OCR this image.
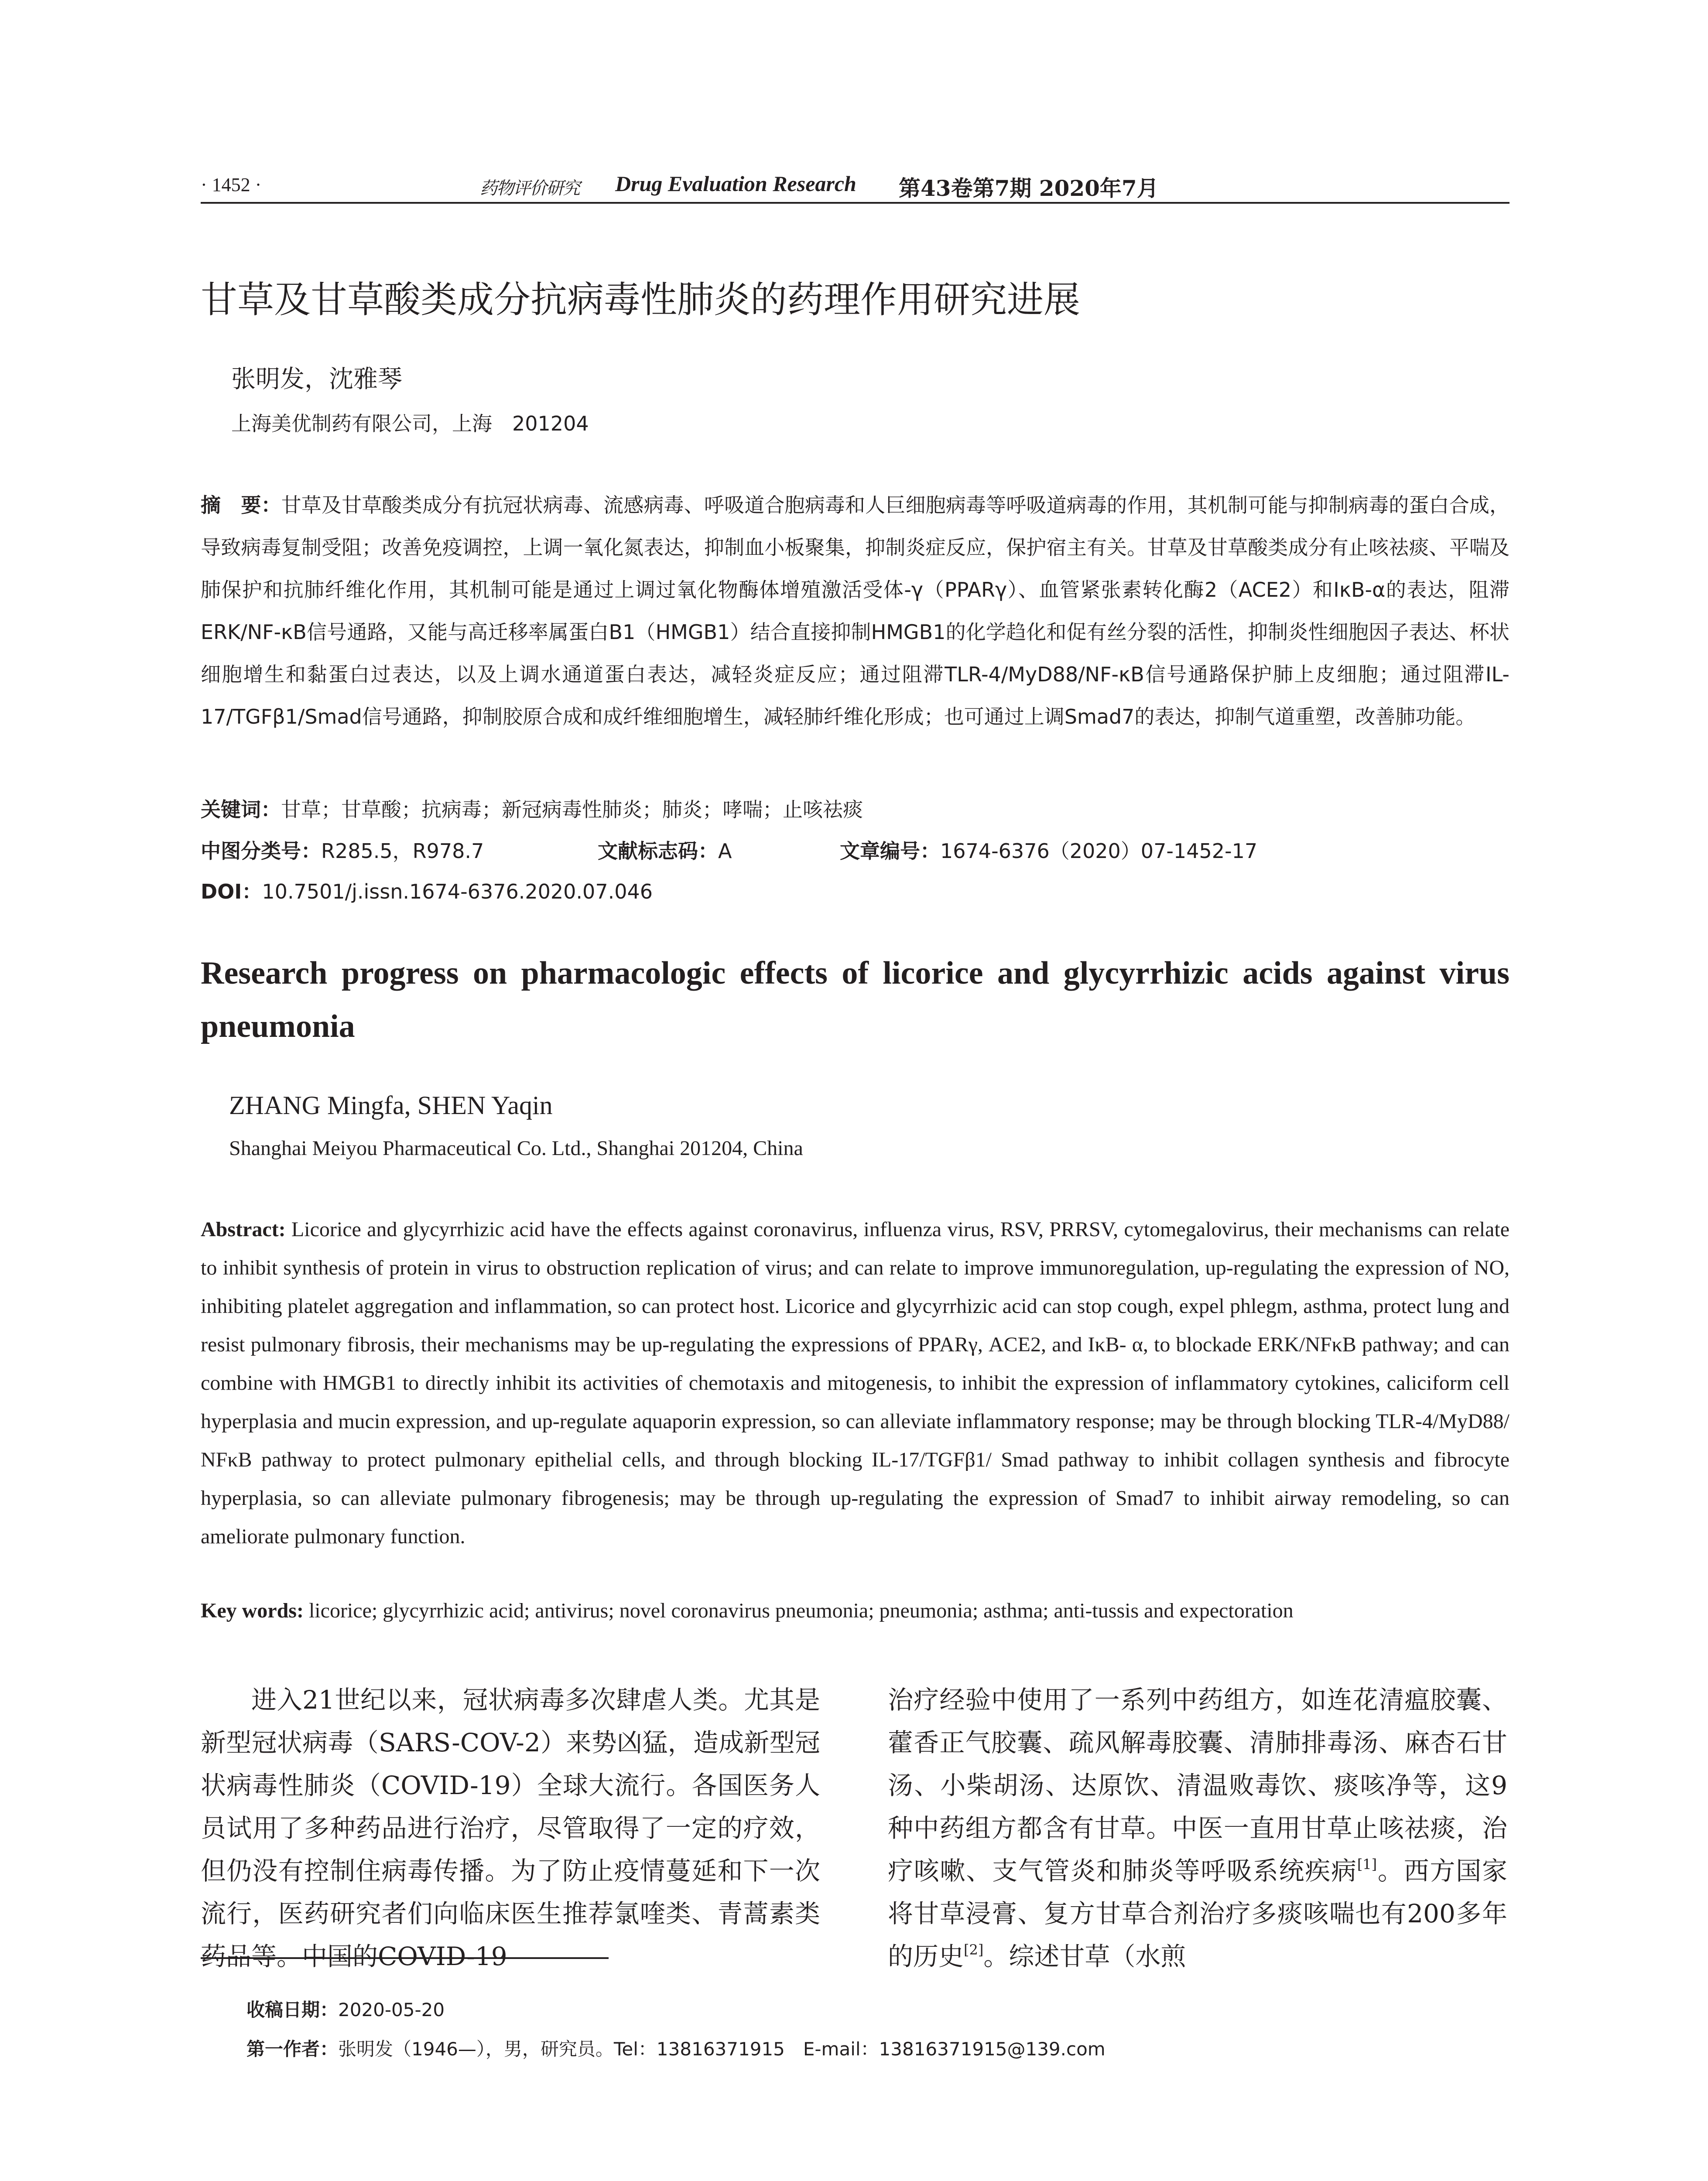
· 1452 ·	药物评价研究 Drug Evaluation Research 第43卷第7期 2020年7月
甘草及甘草酸类成分抗病毒性肺炎的药理作用研究进展
张明发，沈雅琴
上海美优制药有限公司，上海　201204
摘　要：甘草及甘草酸类成分有抗冠状病毒、流感病毒、呼吸道合胞病毒和人巨细胞病毒等呼吸道病毒的作用，其机制可能与抑制病毒的蛋白合成，导致病毒复制受阻；改善免疫调控，上调一氧化氮表达，抑制血小板聚集，抑制炎症反应，保护宿主有关。甘草及甘草酸类成分有止咳祛痰、平喘及肺保护和抗肺纤维化作用，其机制可能是通过上调过氧化物酶体增殖激活受体-γ（PPARγ）、血管紧张素转化酶2（ACE2）和IκB-α的表达，阻滞ERK/NF-κB信号通路，又能与高迁移率属蛋白B1（HMGB1）结合直接抑制HMGB1的化学趋化和促有丝分裂的活性，抑制炎性细胞因子表达、杯状细胞增生和黏蛋白过表达，以及上调水通道蛋白表达，减轻炎症反应；通过阻滞TLR-4/MyD88/NF-κB信号通路保护肺上皮细胞；通过阻滞IL-17/TGFβ1/Smad信号通路，抑制胶原合成和成纤维细胞增生，减轻肺纤维化形成；也可通过上调Smad7的表达，抑制气道重塑，改善肺功能。
关键词：甘草；甘草酸；抗病毒；新冠病毒性肺炎；肺炎；哮喘；止咳祛痰
中图分类号：R285.5，R978.7	文献标志码：A	文章编号：1674-6376（2020）07-1452-17
DOI：10.7501/j.issn.1674-6376.2020.07.046
Research progress on pharmacologic effects of licorice and glycyrrhizic acids against virus pneumonia
ZHANG Mingfa, SHEN Yaqin
Shanghai Meiyou Pharmaceutical Co. Ltd., Shanghai 201204, China
Abstract: Licorice and glycyrrhizic acid have the effects against coronavirus, influenza virus, RSV, PRRSV, cytomegalovirus, their mechanisms can relate to inhibit synthesis of protein in virus to obstruction replication of virus; and can relate to improve immunoregulation, up-regulating the expression of NO, inhibiting platelet aggregation and inflammation, so can protect host. Licorice and glycyrrhizic acid can stop cough, expel phlegm, asthma, protect lung and resist pulmonary fibrosis, their mechanisms may be up-regulating the expressions of PPARγ, ACE2, and IκB- α, to blockade ERK/NFκB pathway; and can combine with HMGB1 to directly inhibit its activities of chemotaxis and mitogenesis, to inhibit the expression of inflammatory cytokines, caliciform cell hyperplasia and mucin expression, and up-regulate aquaporin expression, so can alleviate inflammatory response; may be through blocking TLR-4/MyD88/ NFκB pathway to protect pulmonary epithelial cells, and through blocking IL-17/TGFβ1/ Smad pathway to inhibit collagen synthesis and fibrocyte hyperplasia, so can alleviate pulmonary fibrogenesis; may be through up-regulating the expression of Smad7 to inhibit airway remodeling, so can ameliorate pulmonary function.
Key words: licorice; glycyrrhizic acid; antivirus; novel coronavirus pneumonia; pneumonia; asthma; anti-tussis and expectoration
进入21世纪以来，冠状病毒多次肆虐人类。尤其是新型冠状病毒（SARS-COV-2）来势凶猛，造成新型冠状病毒性肺炎（COVID-19）全球大流行。各国医务人员试用了多种药品进行治疗，尽管取得了一定的疗效，但仍没有控制住病毒传播。为了防止疫情蔓延和下一次流行，医药研究者们向临床医生推荐氯喹类、青蒿素类药品等。中国的COVID-19
治疗经验中使用了一系列中药组方，如连花清瘟胶囊、藿香正气胶囊、疏风解毒胶囊、清肺排毒汤、麻杏石甘汤、小柴胡汤、达原饮、清温败毒饮、痰咳净等，这9种中药组方都含有甘草。中医一直用甘草止咳祛痰，治疗咳嗽、支气管炎和肺炎等呼吸系统疾病[1]。西方国家将甘草浸膏、复方甘草合剂治疗多痰咳喘也有200多年的历史[2]。综述甘草（水煎
收稿日期：2020-05-20
第一作者：张明发（1946—），男，研究员。Tel：13816371915　E-mail：13816371915@139.com
